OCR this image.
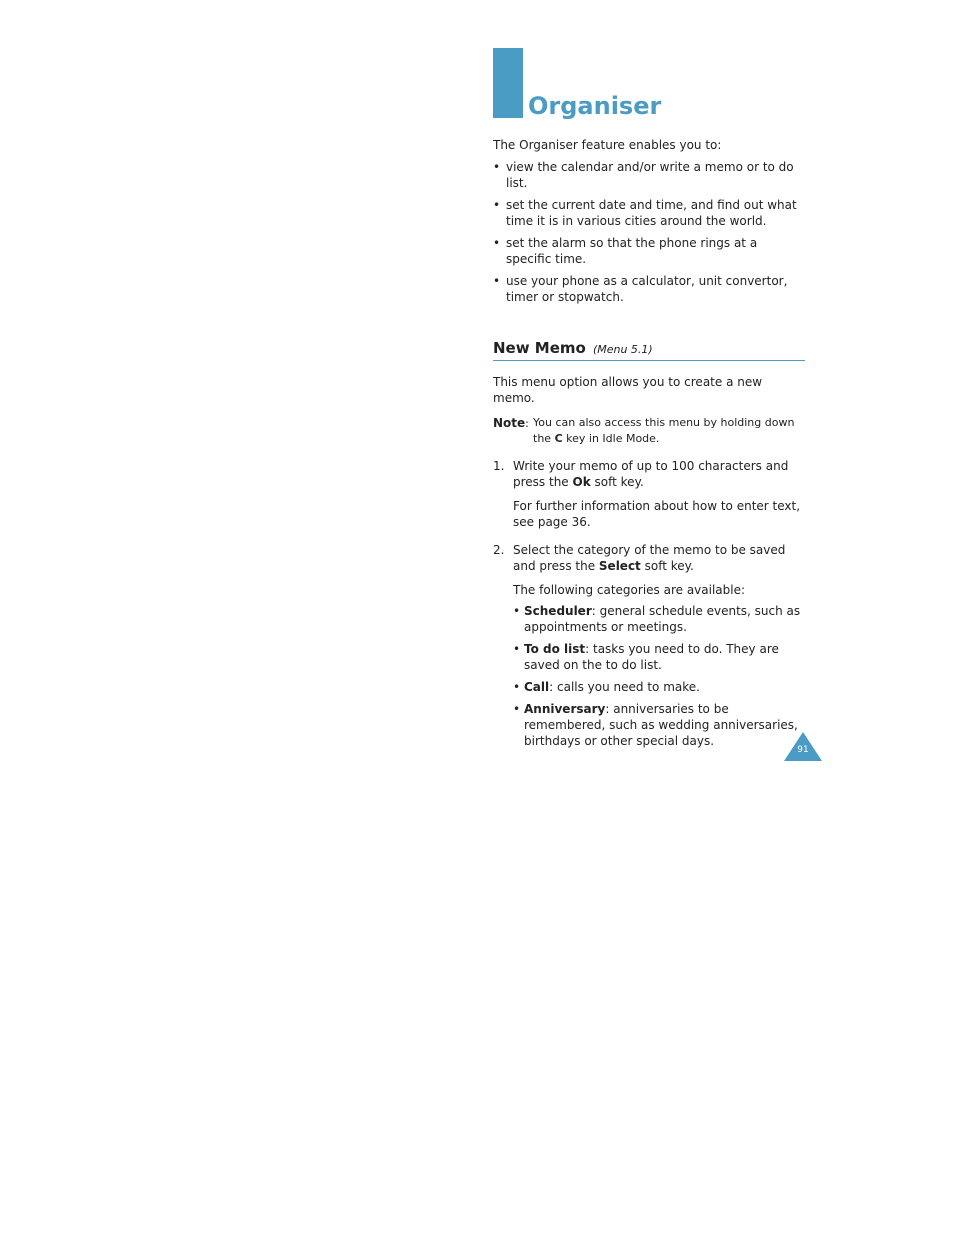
Organiser

The Organiser feature enables you to:

• view the calendar and/or write a memo or to do list.
• set the current date and time, and find out what time it is in various cities around the world.
• set the alarm so that the phone rings at a specific time.
• use your phone as a calculator, unit convertor, timer or stopwatch.
New Memo (Menu 5.1)

This menu option allows you to create a new memo.

Note: You can also access this menu by holding down the C key in Idle Mode.
1. Write your memo of up to 100 characters and press the Ok soft key.

For further information about how to enter text, see page 36.

2. Select the category of the memo to be saved and press the Select soft key.

The following categories are available:

• Scheduler: general schedule events, such as appointments or meetings.
• To do list: tasks you need to do. They are saved on the to do list.
• Call: calls you need to make.
• Anniversary: anniversaries to be remembered, such as wedding anniversaries, birthdays or other special days.
91
